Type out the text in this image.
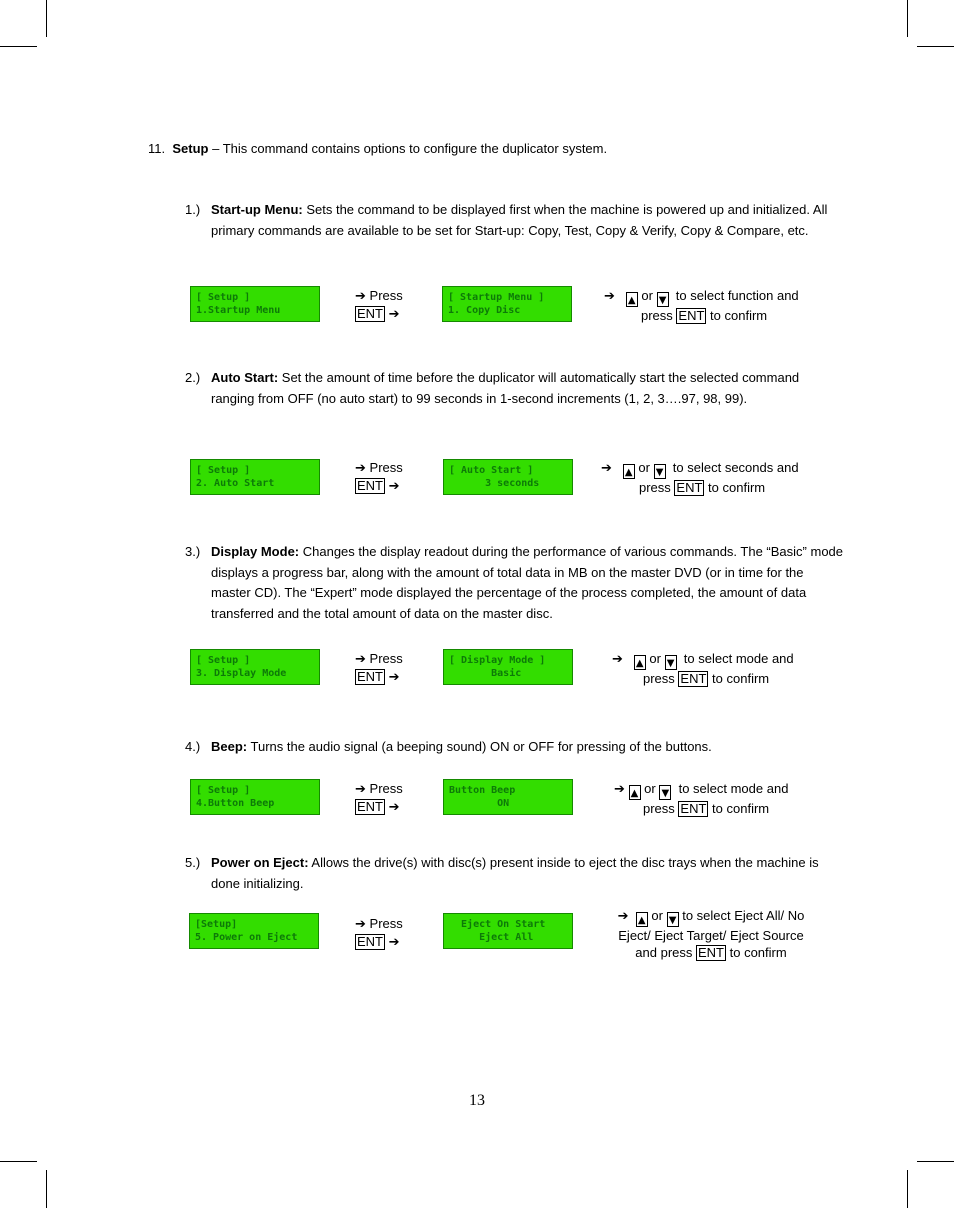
11. Setup – This command contains options to configure the duplicator system.
1.) Start-up Menu: Sets the command to be displayed first when the machine is powered up and initialized. All primary commands are available to be set for Start-up: Copy, Test, Copy & Verify, Copy & Compare, etc.
[ Setup ]
1.Startup Menu
➔ Press
ENT ➔
[ Startup Menu ]
1. Copy Disc
➔ ▲ or ▼ to select function and
press ENT to confirm
2.) Auto Start: Set the amount of time before the duplicator will automatically start the selected command ranging from OFF (no auto start) to 99 seconds in 1-second increments (1, 2, 3….97, 98, 99).
[ Setup ]
2. Auto Start
➔ Press
ENT ➔
[ Auto Start ]
3 seconds
➔ ▲ or ▼ to select seconds and
press ENT to confirm
3.) Display Mode: Changes the display readout during the performance of various commands. The “Basic” mode displays a progress bar, along with the amount of total data in MB on the master DVD (or in time for the master CD). The “Expert” mode displayed the percentage of the process completed, the amount of data transferred and the total amount of data on the master disc.
[ Setup ]
3. Display Mode
➔ Press
ENT ➔
[ Display Mode ]
Basic
➔ ▲ or ▼ to select mode and
press ENT to confirm
4.) Beep: Turns the audio signal (a beeping sound) ON or OFF for pressing of the buttons.
[ Setup ]
4.Button Beep
➔ Press
ENT ➔
Button Beep
ON
➔ ▲ or ▼ to select mode and
press ENT to confirm
5.) Power on Eject: Allows the drive(s) with disc(s) present inside to eject the disc trays when the machine is done initializing.
[Setup]
5. Power on Eject
➔ Press
ENT ➔
Eject On Start
Eject All
➔ ▲ or ▼ to select Eject All/ No
Eject/ Eject Target/ Eject Source
and press ENT to confirm
13
